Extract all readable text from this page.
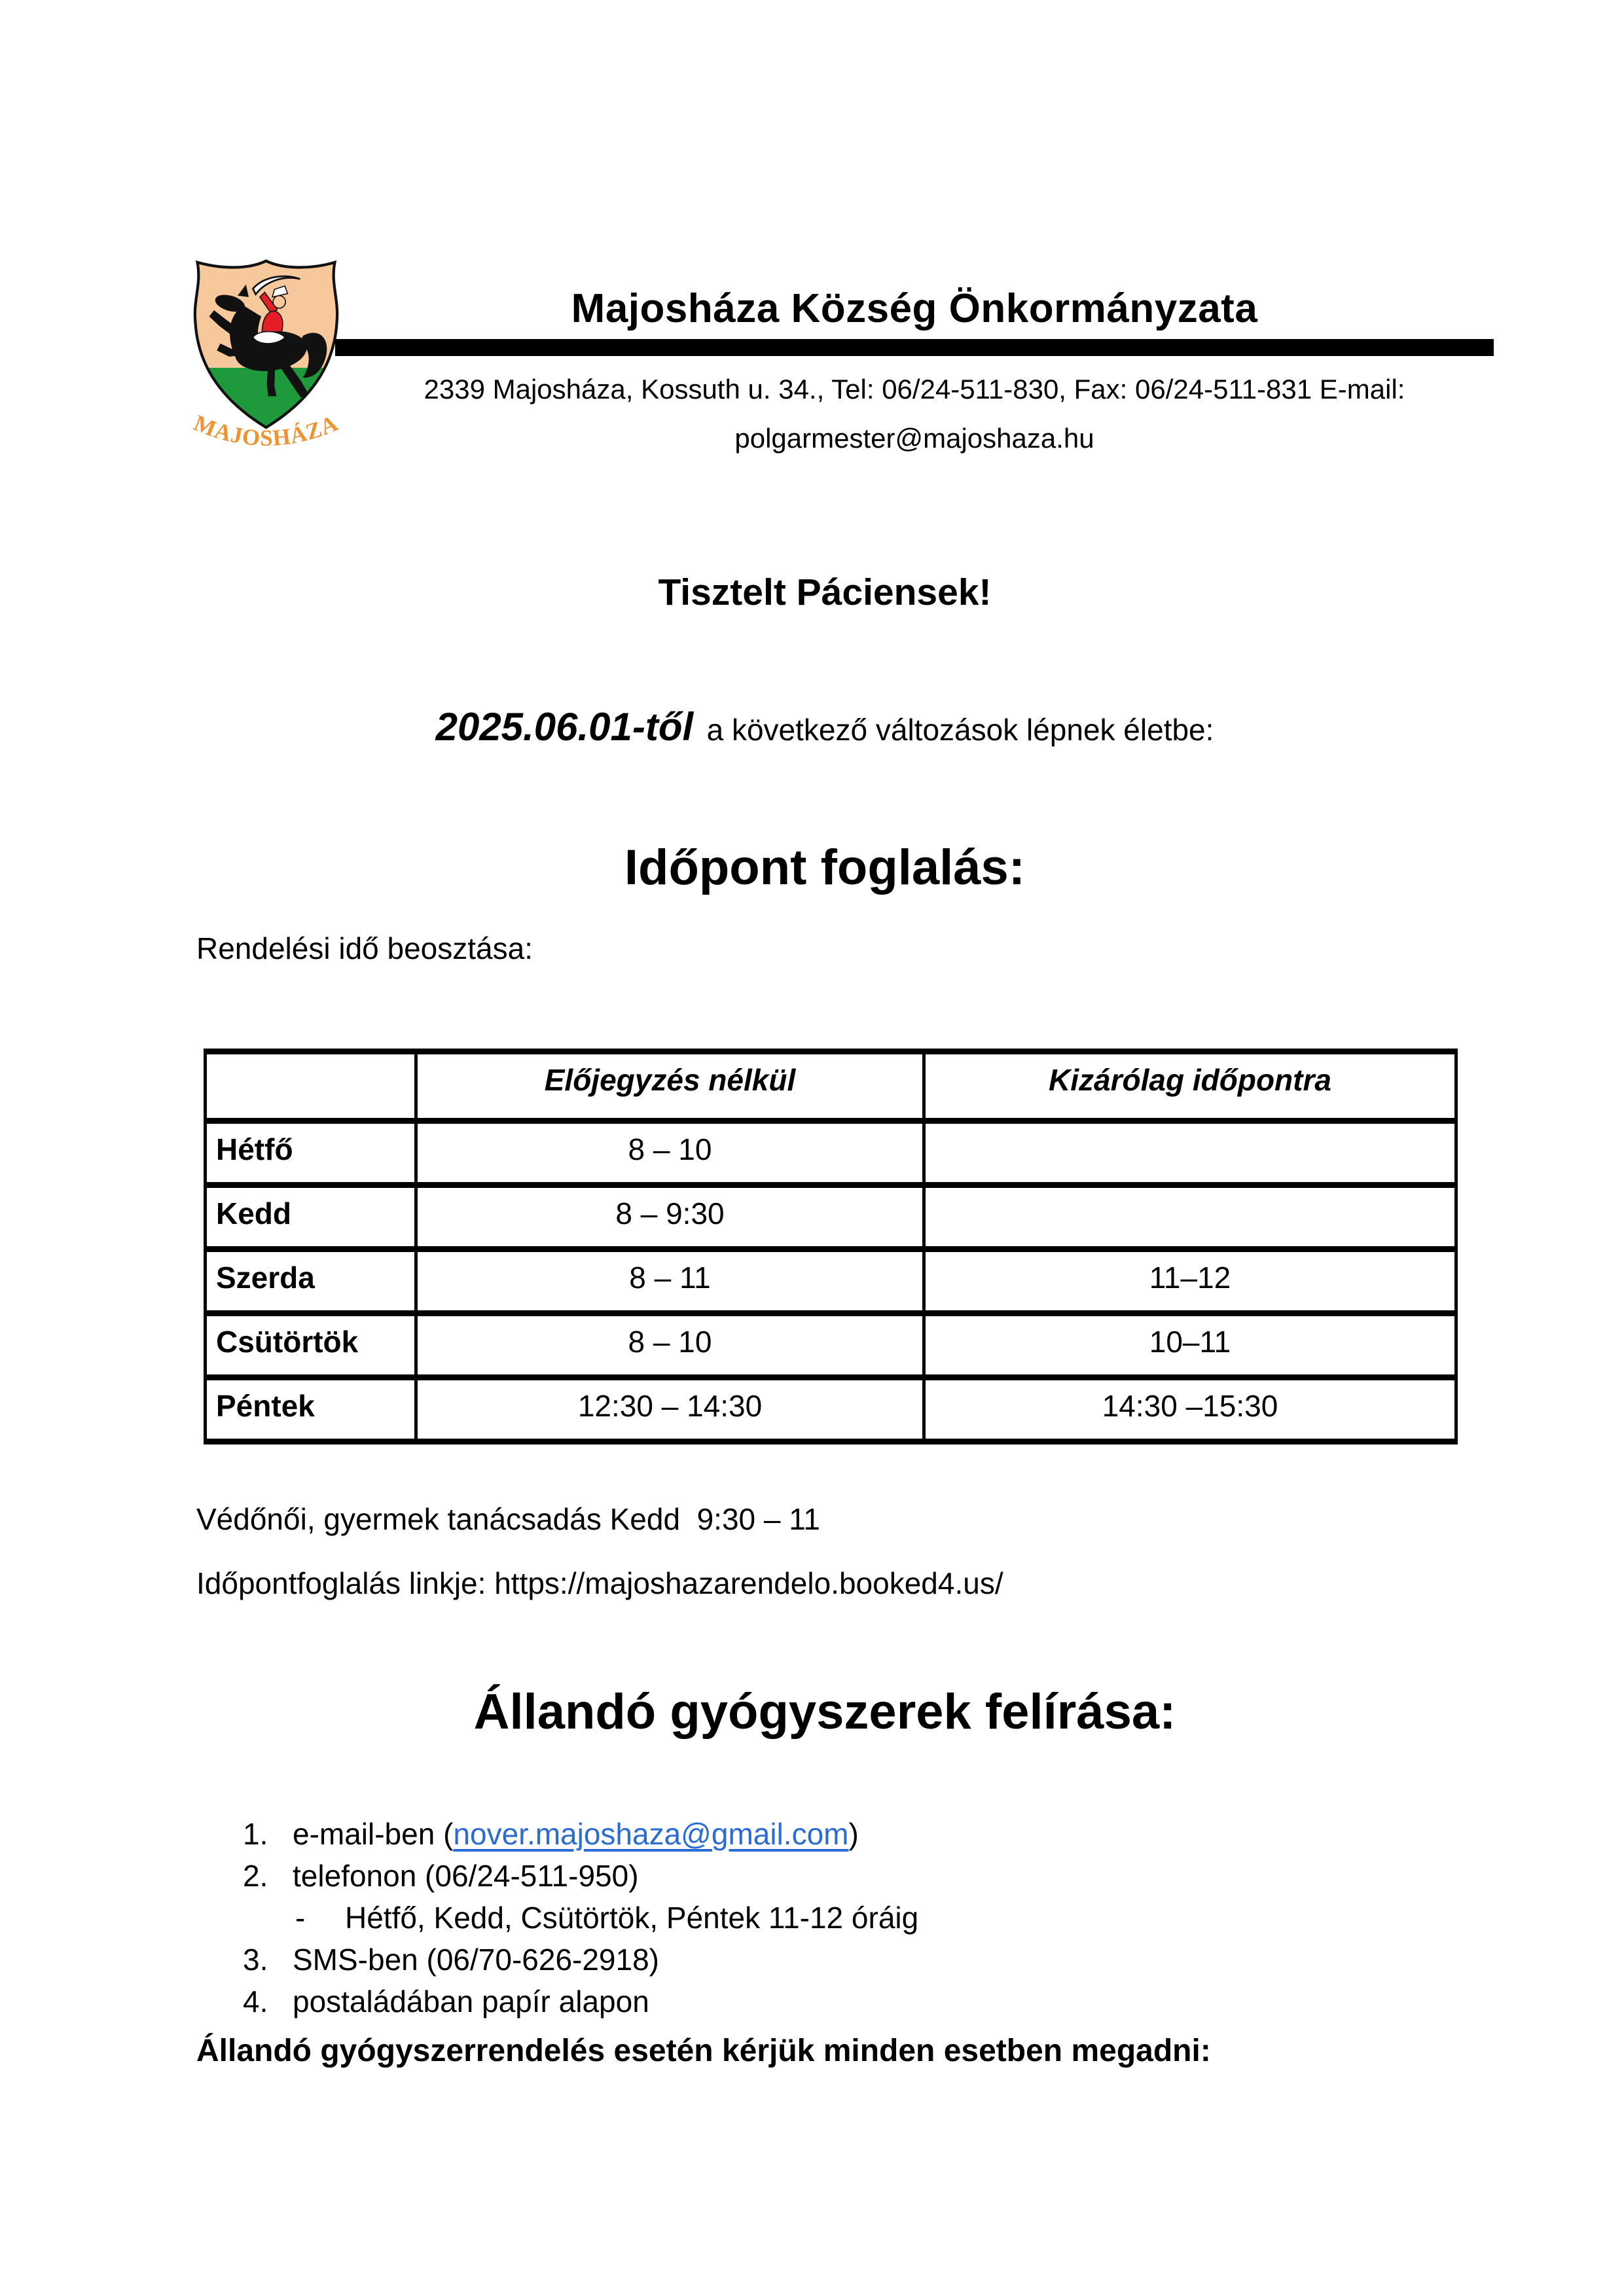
MAJOSHÁZA
Majosháza Község Önkormányzata
2339 Majosháza, Kossuth u. 34., Tel: 06/24-511-830, Fax: 06/24-511-831 E-mail:
polgarmester@majoshaza.hu
Tisztelt Páciensek!
2025.06.01-től a következő változások lépnek életbe:
Időpont foglalás:
Rendelési idő beosztása:
	Előjegyzés nélkül	Kizárólag időpontra
Hétfő	8 – 10	
Kedd	8 – 9:30	
Szerda	8 – 11	11–12
Csütörtök	8 – 10	10–11
Péntek	12:30 – 14:30	14:30 –15:30
Védőnői, gyermek tanácsadás Kedd  9:30 – 11
Időpontfoglalás linkje: https://majoshazarendelo.booked4.us/
Állandó gyógyszerek felírása:
1. e-mail-ben (nover.majoshaza@gmail.com)
2. telefonon (06/24-511-950)
-	Hétfő, Kedd, Csütörtök, Péntek 11-12 óráig
3. SMS-ben (06/70-626-2918)
4. postaládában papír alapon
Állandó gyógyszerrendelés esetén kérjük minden esetben megadni:
